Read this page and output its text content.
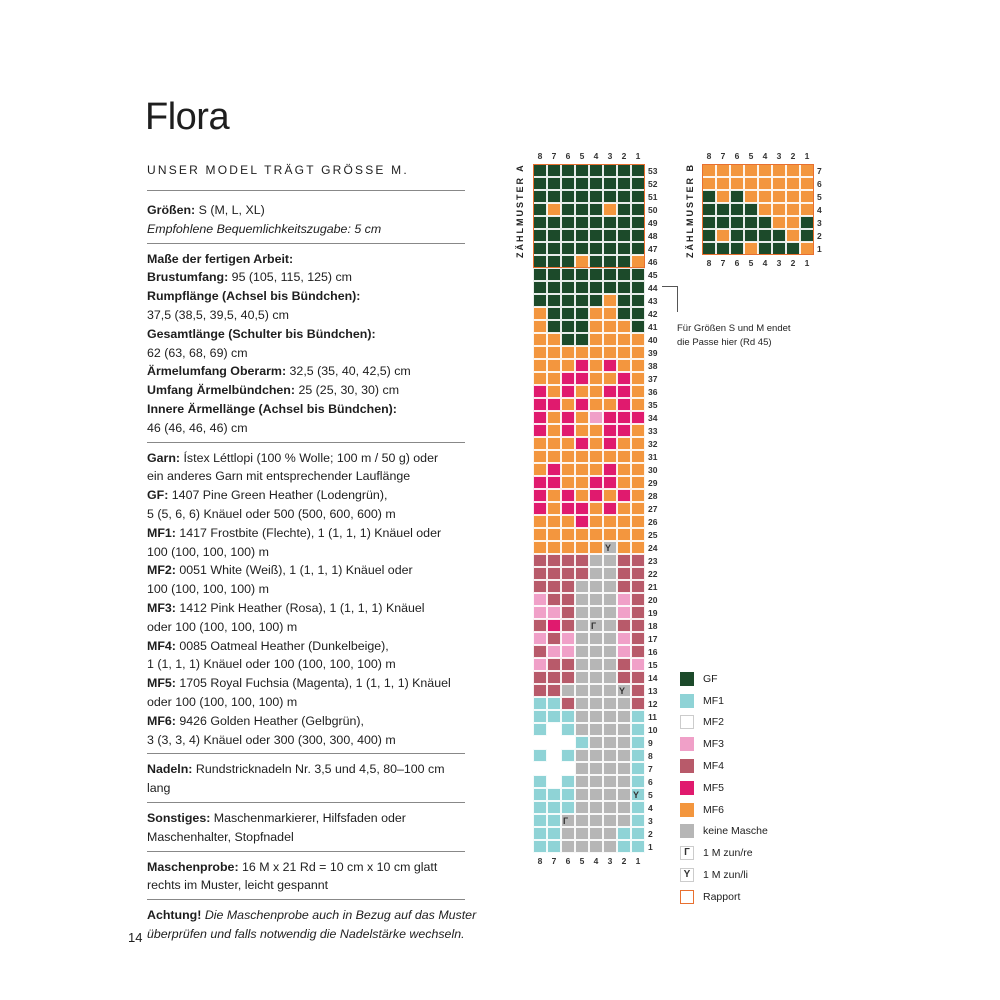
Flora
UNSER MODEL TRÄGT GRÖSSE M.
Größen: S (M, L, XL)
Empfohlene Bequemlichkeitszugabe: 5 cm
Maße der fertigen Arbeit:
Brustumfang: 95 (105, 115, 125) cm
Rumpflänge (Achsel bis Bündchen):
37,5 (38,5, 39,5, 40,5) cm
Gesamtlänge (Schulter bis Bündchen):
62 (63, 68, 69) cm
Ärmelumfang Oberarm: 32,5 (35, 40, 42,5) cm
Umfang Ärmelbündchen: 25 (25, 30, 30) cm
Innere Ärmellänge (Achsel bis Bündchen):
46 (46, 46, 46) cm
Garn: Ístex Léttlopi (100 % Wolle; 100 m / 50 g) oder
ein anderes Garn mit entsprechender Lauflänge
GF: 1407 Pine Green Heather (Lodengrün),
5 (5, 6, 6) Knäuel oder 500 (500, 600, 600) m
MF1: 1417 Frostbite (Flechte), 1 (1, 1, 1) Knäuel oder
100 (100, 100, 100) m
MF2: 0051 White (Weiß), 1 (1, 1, 1) Knäuel oder
100 (100, 100, 100) m
MF3: 1412 Pink Heather (Rosa), 1 (1, 1, 1) Knäuel
oder 100 (100, 100, 100) m
MF4: 0085 Oatmeal Heather (Dunkelbeige),
1 (1, 1, 1) Knäuel oder 100 (100, 100, 100) m
MF5: 1705 Royal Fuchsia (Magenta), 1 (1, 1, 1) Knäuel
oder 100 (100, 100, 100) m
MF6: 9426 Golden Heather (Gelbgrün),
3 (3, 3, 4) Knäuel oder 300 (300, 300, 400) m
Nadeln: Rundstricknadeln Nr. 3,5 und 4,5, 80–100 cm
lang
Sonstiges: Maschenmarkierer, Hilfsfaden oder
Maschenhalter, Stopfnadel
Maschenprobe: 16 M x 21 Rd = 10 cm x 10 cm glatt
rechts im Muster, leicht gespannt
Achtung! Die Maschenprobe auch in Bezug auf das Muster
überprüfen und falls notwendig die Nadelstärke wechseln.
14
8
8
7
7
6
6
5
5
4
4
3
3
2
2
1
1
53
52
51
50
49
48
47
46
45
44
43
42
41
40
39
38
37
36
35
34
33
32
31
30
29
28
27
26
25
24
23
22
21
20
19
18
17
16
15
14
13
12
11
10
9
8
7
6
5
4
3
2
1
Y
Г
Y
Y
Г
ZÄHLMUSTER A
8
8
7
7
6
6
5
5
4
4
3
3
2
2
1
1
7
6
5
4
3
2
1
ZÄHLMUSTER B
Für Größen S und M endet
die Passe hier (Rd 45)
GF
MF1
MF2
MF3
MF4
MF5
MF6
keine Masche
Г	1 M zun/re
Y	1 M zun/li
Rapport
